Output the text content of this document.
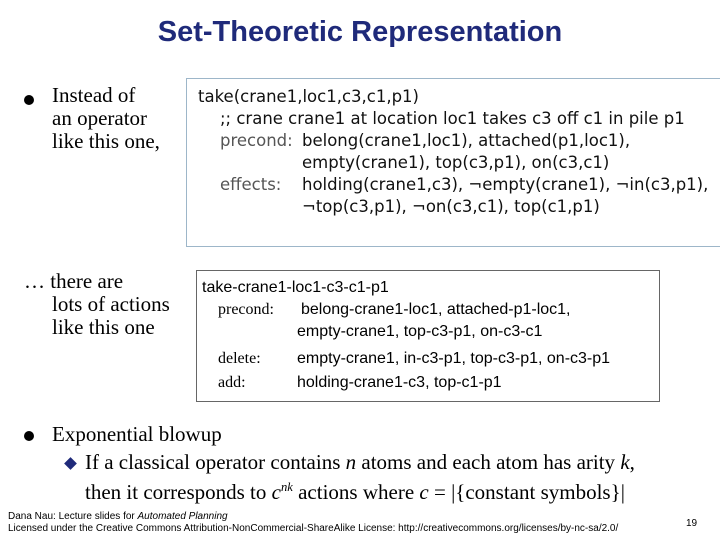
Set-Theoretic Representation
Instead of
an operator
like this one,
take(crane1,loc1,c3,c1,p1)
;; crane crane1 at location loc1 takes c3 off c1 in pile p1
precond: belong(crane1,loc1), attached(p1,loc1),
empty(crane1), top(c3,p1), on(c3,c1)
effects: holding(crane1,c3), ¬empty(crane1), ¬in(c3,p1),
¬top(c3,p1), ¬on(c3,c1), top(c1,p1)
… there are
lots of actions
like this one
take-crane1-loc1-c3-c1-p1
precond: belong-crane1-loc1, attached-p1-loc1,
empty-crane1, top-c3-p1, on-c3-c1
delete: empty-crane1, in-c3-p1, top-c3-p1, on-c3-p1
add:	holding-crane1-c3, top-c1-p1
Exponential blowup
If a classical operator contains n atoms and each atom has arity k,
then it corresponds to $c^{nk}$ actions where c = |{constant symbols}|
Dana Nau: Lecture slides for Automated Planning
Licensed under the Creative Commons Attribution-NonCommercial-ShareAlike License: http://creativecommons.org/licenses/by-nc-sa/2.0/	19
